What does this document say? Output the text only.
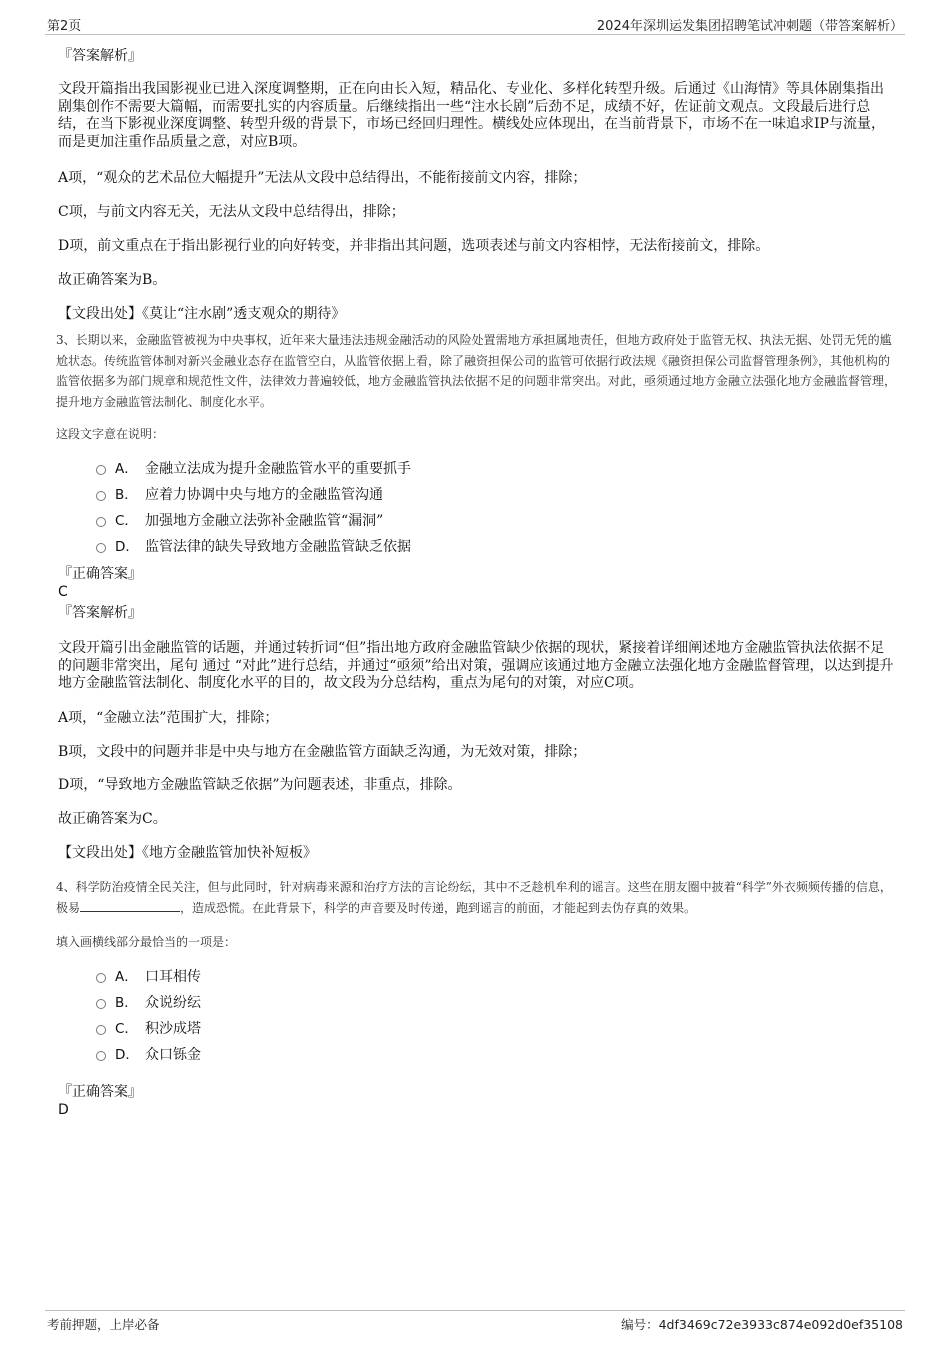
第2页	2024年深圳运发集团招聘笔试冲刺题（带答案解析）
『答案解析』

文段开篇指出我国影视业已进入深度调整期，正在向由长入短，精品化、专业化、多样化转型升级。后通过《山海情》等具体剧集指出剧集创作不需要大篇幅，而需要扎实的内容质量。后继续指出一些“注水长剧”后劲不足，成绩不好，佐证前文观点。文段最后进行总结，在当下影视业深度调整、转型升级的背景下，市场已经回归理性。横线处应体现出，在当前背景下，市场不在一味追求IP与流量，而是更加注重作品质量之意，对应B项。

A项，“观众的艺术品位大幅提升”无法从文段中总结得出，不能衔接前文内容，排除；
C项，与前文内容无关，无法从文段中总结得出，排除；
D项，前文重点在于指出影视行业的向好转变，并非指出其问题，选项表述与前文内容相悖，无法衔接前文，排除。
故正确答案为B。
【文段出处】《莫让“注水剧”透支观众的期待》

3、长期以来，金融监管被视为中央事权，近年来大量违法违规金融活动的风险处置需地方承担属地责任，但地方政府处于监管无权、执法无据、处罚无凭的尴尬状态。传统监管体制对新兴金融业态存在监管空白，从监管依据上看，除了融资担保公司的监管可依据行政法规《融资担保公司监督管理条例》，其他机构的监管依据多为部门规章和规范性文件，法律效力普遍较低，地方金融监管执法依据不足的问题非常突出。对此，亟须通过地方金融立法强化地方金融监督管理，提升地方金融监管法制化、制度化水平。

这段文字意在说明：
A． 金融立法成为提升金融监管水平的重要抓手
B． 应着力协调中央与地方的金融监管沟通
C． 加强地方金融立法弥补金融监管“漏洞”
D． 监管法律的缺失导致地方金融监管缺乏依据
『正确答案』
C
『答案解析』

文段开篇引出金融监管的话题，并通过转折词“但”指出地方政府金融监管缺少依据的现状，紧接着详细阐述地方金融监管执法依据不足的问题非常突出，尾句 通过 “对此”进行总结，并通过“亟须”给出对策，强调应该通过地方金融立法强化地方金融监督管理，以达到提升地方金融监管法制化、制度化水平的目的，故文段为分总结构，重点为尾句的对策，对应C项。

A项，“金融立法”范围扩大，排除；
B项，文段中的问题并非是中央与地方在金融监管方面缺乏沟通，为无效对策，排除；
D项，“导致地方金融监管缺乏依据”为问题表述，非重点，排除。
故正确答案为C。
【文段出处】《地方金融监管加快补短板》

4、科学防治疫情全民关注，但与此同时，针对病毒来源和治疗方法的言论纷纭，其中不乏趁机牟利的谣言。这些在朋友圈中披着“科学”外衣频频传播的信息，极易	，造成恐慌。在此背景下，科学的声音要及时传递，跑到谣言的前面，才能起到去伪存真的效果。

填入画横线部分最恰当的一项是：
A． 口耳相传
B． 众说纷纭
C． 积沙成塔
D． 众口铄金
『正确答案』
D
考前押题，上岸必备	编号：4df3469c72e3933c874e092d0ef35108
